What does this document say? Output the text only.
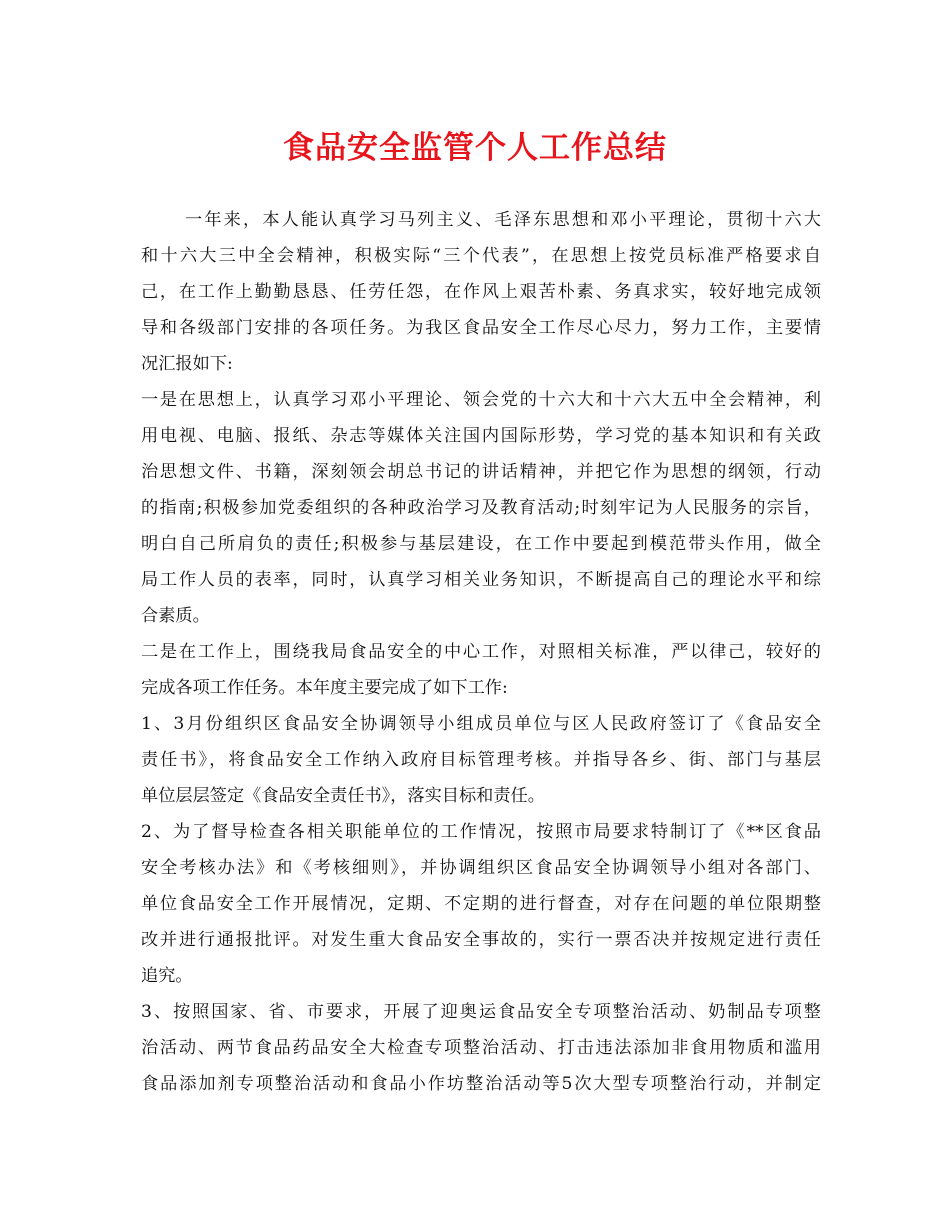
食品安全监管个人工作总结
一年来，本人能认真学习马列主义、毛泽东思想和邓小平理论，贯彻十六大
和十六大三中全会精神，积极实际“三个代表”，在思想上按党员标准严格要求自
己，在工作上勤勤恳恳、任劳任怨，在作风上艰苦朴素、务真求实，较好地完成领
导和各级部门安排的各项任务。为我区食品安全工作尽心尽力，努力工作，主要情
况汇报如下:
一是在思想上，认真学习邓小平理论、领会党的十六大和十六大五中全会精神，利
用电视、电脑、报纸、杂志等媒体关注国内国际形势，学习党的基本知识和有关政
治思想文件、书籍，深刻领会胡总书记的讲话精神，并把它作为思想的纲领，行动
的指南;积极参加党委组织的各种政治学习及教育活动;时刻牢记为人民服务的宗旨，
明白自己所肩负的责任;积极参与基层建设，在工作中要起到模范带头作用，做全
局工作人员的表率，同时，认真学习相关业务知识，不断提高自己的理论水平和综
合素质。
二是在工作上，围绕我局食品安全的中心工作，对照相关标准，严以律己，较好的
完成各项工作任务。本年度主要完成了如下工作:
1、3月份组织区食品安全协调领导小组成员单位与区人民政府签订了《食品安全
责任书》，将食品安全工作纳入政府目标管理考核。并指导各乡、街、部门与基层
单位层层签定《食品安全责任书》，落实目标和责任。
2、为了督导检查各相关职能单位的工作情况，按照市局要求特制订了《**区食品
安全考核办法》和《考核细则》，并协调组织区食品安全协调领导小组对各部门、
单位食品安全工作开展情况，定期、不定期的进行督查，对存在问题的单位限期整
改并进行通报批评。对发生重大食品安全事故的，实行一票否决并按规定进行责任
追究。
3、按照国家、省、市要求，开展了迎奥运食品安全专项整治活动、奶制品专项整
治活动、两节食品药品安全大检查专项整治活动、打击违法添加非食用物质和滥用
食品添加剂专项整治活动和食品小作坊整治活动等5次大型专项整治行动，并制定
